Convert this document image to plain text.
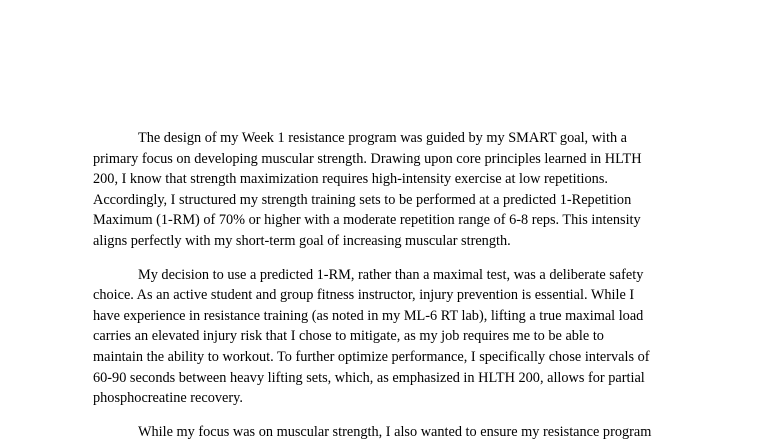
The design of my Week 1 resistance program was guided by my SMART goal, with a
primary focus on developing muscular strength. Drawing upon core principles learned in HLTH
200, I know that strength maximization requires high-intensity exercise at low repetitions.
Accordingly, I structured my strength training sets to be performed at a predicted 1-Repetition
Maximum (1-RM) of 70% or higher with a moderate repetition range of 6-8 reps. This intensity
aligns perfectly with my short-term goal of increasing muscular strength.

My decision to use a predicted 1-RM, rather than a maximal test, was a deliberate safety
choice. As an active student and group fitness instructor, injury prevention is essential. While I
have experience in resistance training (as noted in my ML-6 RT lab), lifting a true maximal load
carries an elevated injury risk that I chose to mitigate, as my job requires me to be able to
maintain the ability to workout. To further optimize performance, I specifically chose intervals of
60-90 seconds between heavy lifting sets, which, as emphasized in HLTH 200, allows for partial
phosphocreatine recovery.

While my focus was on muscular strength, I also wanted to ensure my resistance program
